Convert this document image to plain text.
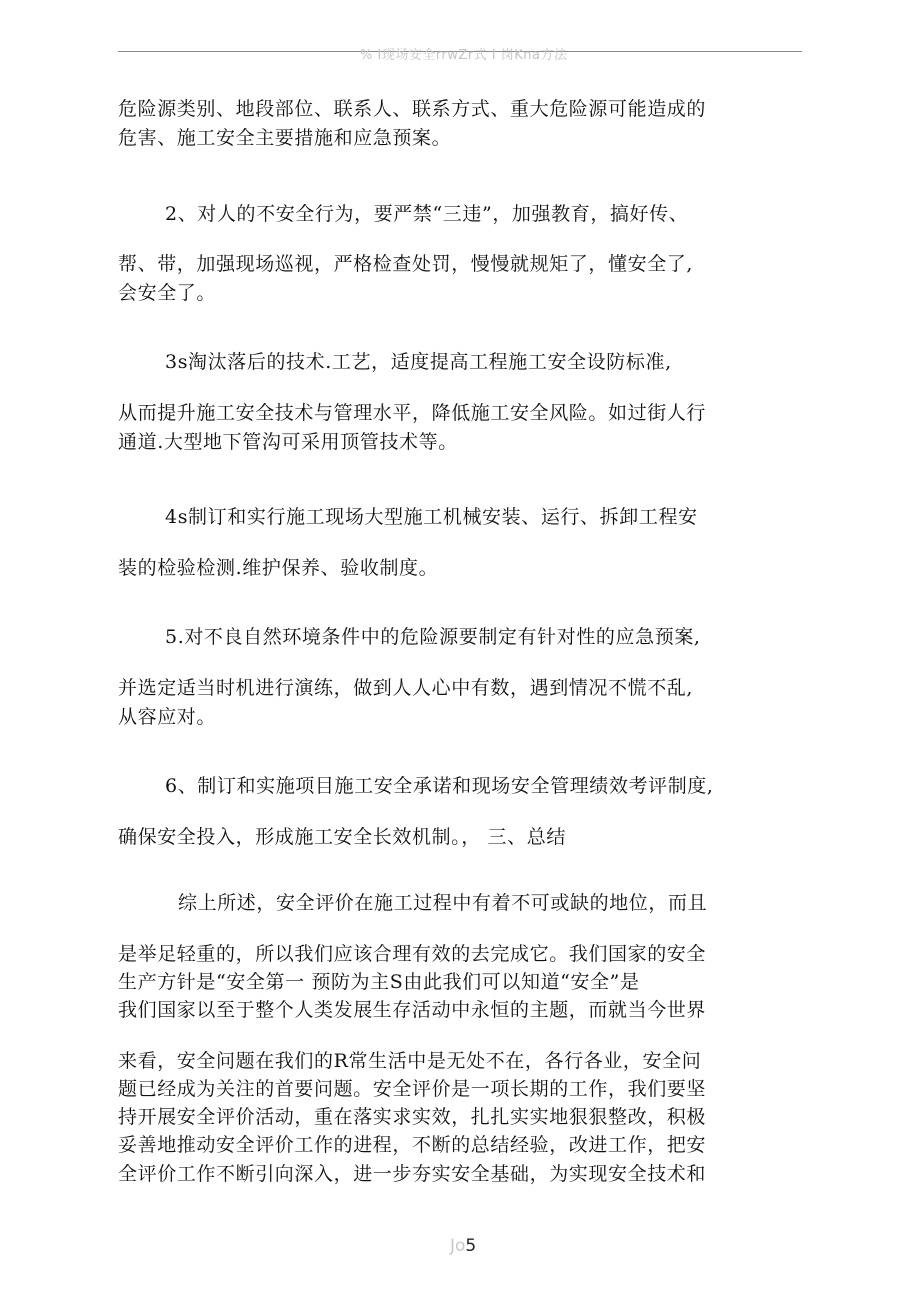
% I现场安全rrwZr式 I 岗Kna方法
危险源类别、地段部位、联系人、联系方式、重大危险源可能造成的
危害、施工安全主要措施和应急预案。
2、对人的不安全行为，要严禁“三违”，加强教育，搞好传、
帮、带，加强现场巡视，严格检查处罚，慢慢就规矩了，懂安全了,
会安全了。
3s淘汰落后的技术.工艺，适度提高工程施工安全设防标准,
从而提升施工安全技术与管理水平，降低施工安全风险。如过街人行
通道.大型地下管沟可采用顶管技术等。
4s制订和实行施工现场大型施工机械安装、运行、拆卸工程安
装的检验检测.维护保养、验收制度。
5.对不良自然环境条件中的危险源要制定有针对性的应急预案,
并选定适当时机进行演练，做到人人心中有数，遇到情况不慌不乱,
从容应对。
6、制订和实施项目施工安全承诺和现场安全管理绩效考评制度,
确保安全投入，形成施工安全长效机制。， 三、总结
综上所述，安全评价在施工过程中有着不可或缺的地位，而且
是举足轻重的，所以我们应该合理有效的去完成它。我们国家的安全
生产方针是“安全第一 预防为主S由此我们可以知道“安全”是
我们国家以至于整个人类发展生存活动中永恒的主题，而就当今世界
来看，安全问题在我们的R常生活中是无处不在，各行各业，安全问
题已经成为关注的首要问题。安全评价是一项长期的工作，我们要坚
持开展安全评价活动，重在落实求实效，扎扎实实地狠狠整改，积极
妥善地推动安全评价工作的进程，不断的总结经验，改进工作，把安
全评价工作不断引向深入，进一步夯实安全基础，为实现安全技术和
Jo5
